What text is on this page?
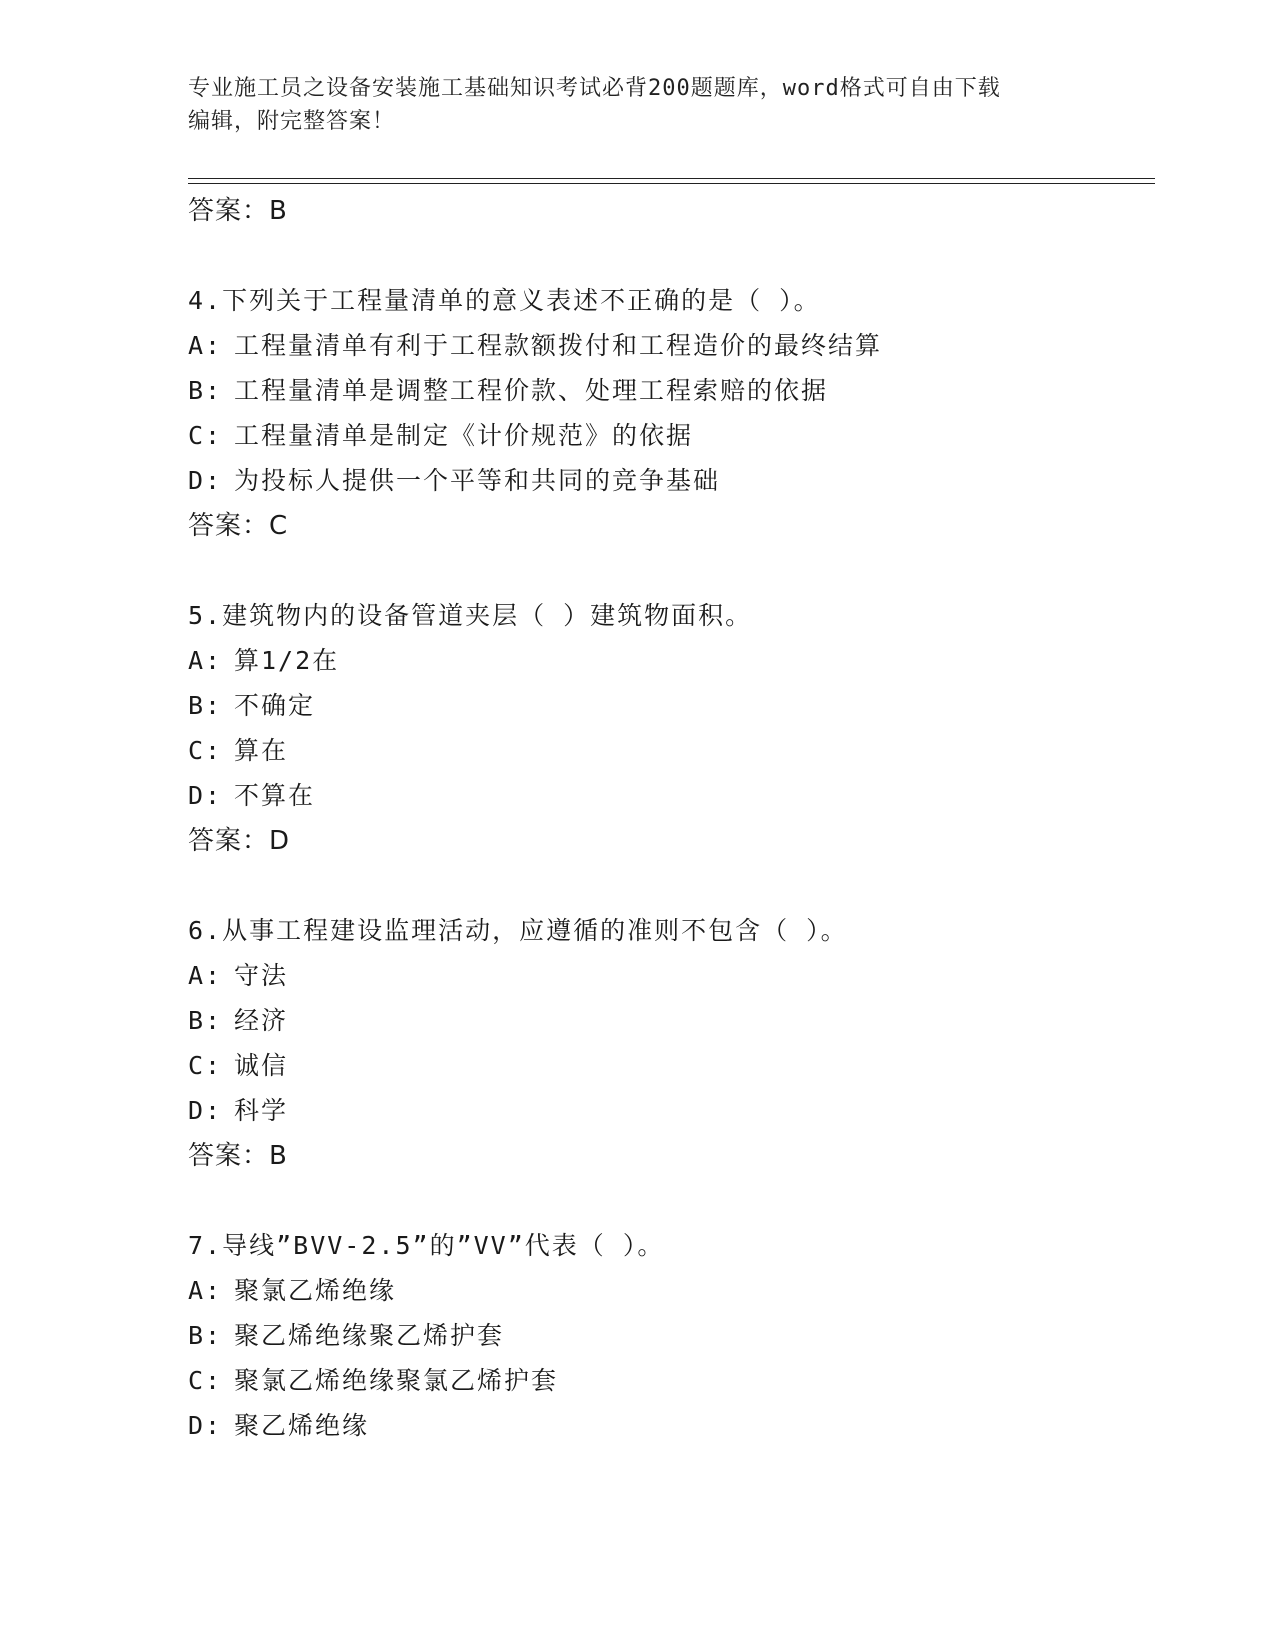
专业施工员之设备安装施工基础知识考试必背200题题库，word格式可自由下载
编辑，附完整答案！
答案：B
4.下列关于工程量清单的意义表述不正确的是（ ）。
A: 工程量清单有利于工程款额拨付和工程造价的最终结算
B: 工程量清单是调整工程价款、处理工程索赔的依据
C: 工程量清单是制定《计价规范》的依据
D: 为投标人提供一个平等和共同的竞争基础
答案：C
5.建筑物内的设备管道夹层（ ）建筑物面积。
A: 算1/2在
B: 不确定
C: 算在
D: 不算在
答案：D
6.从事工程建设监理活动，应遵循的准则不包含（ ）。
A: 守法
B: 经济
C: 诚信
D: 科学
答案：B
7.导线”BVV-2.5”的”VV”代表（ ）。
A: 聚氯乙烯绝缘
B: 聚乙烯绝缘聚乙烯护套
C: 聚氯乙烯绝缘聚氯乙烯护套
D: 聚乙烯绝缘
